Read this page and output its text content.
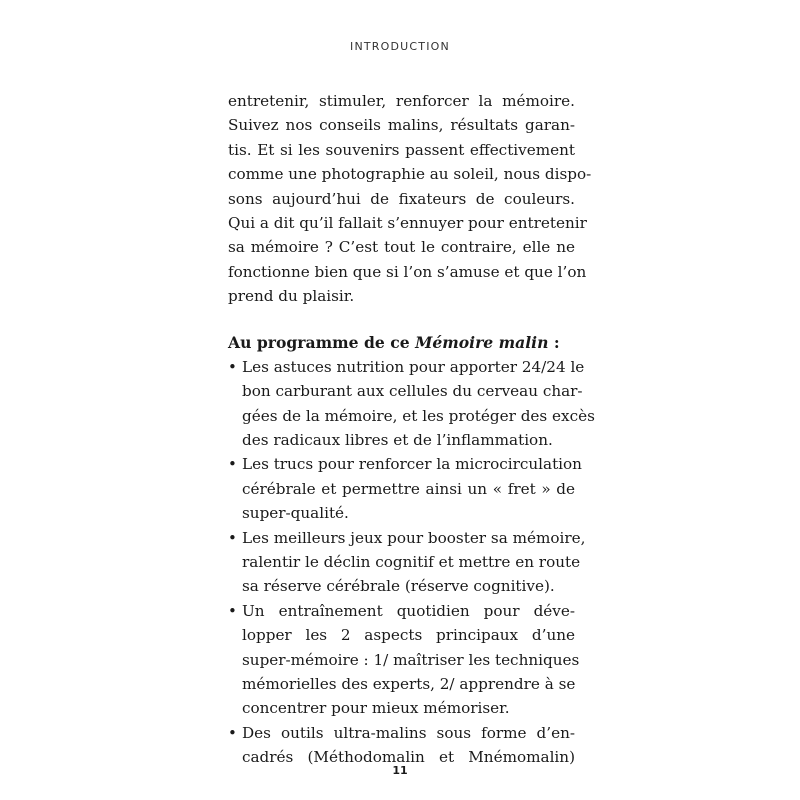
INTRODUCTION
entretenir, stimuler, renforcer la mémoire.
Suivez nos conseils malins, résultats garan-
tis. Et si les souvenirs passent effectivement
comme une photographie au soleil, nous dispo-
sons aujourd’hui de fixateurs de couleurs.
Qui a dit qu’il fallait s’ennuyer pour entretenir
sa mémoire ? C’est tout le contraire, elle ne
fonctionne bien que si l’on s’amuse et que l’on
prend du plaisir.
Au programme de ce Mémoire malin :
• Les astuces nutrition pour apporter 24/24 le
bon carburant aux cellules du cerveau char-
gées de la mémoire, et les protéger des excès
des radicaux libres et de l’inflammation.
• Les trucs pour renforcer la microcirculation
cérébrale et permettre ainsi un « fret » de
super-qualité.
• Les meilleurs jeux pour booster sa mémoire,
ralentir le déclin cognitif et mettre en route
sa réserve cérébrale (réserve cognitive).
• Un entraînement quotidien pour déve-
lopper les 2 aspects principaux d’une
super-mémoire : 1/ maîtriser les techniques
mémorielles des experts, 2/ apprendre à se
concentrer pour mieux mémoriser.
• Des outils ultra-malins sous forme d’en-
cadrés (Méthodomalin et Mnémomalin)
11
